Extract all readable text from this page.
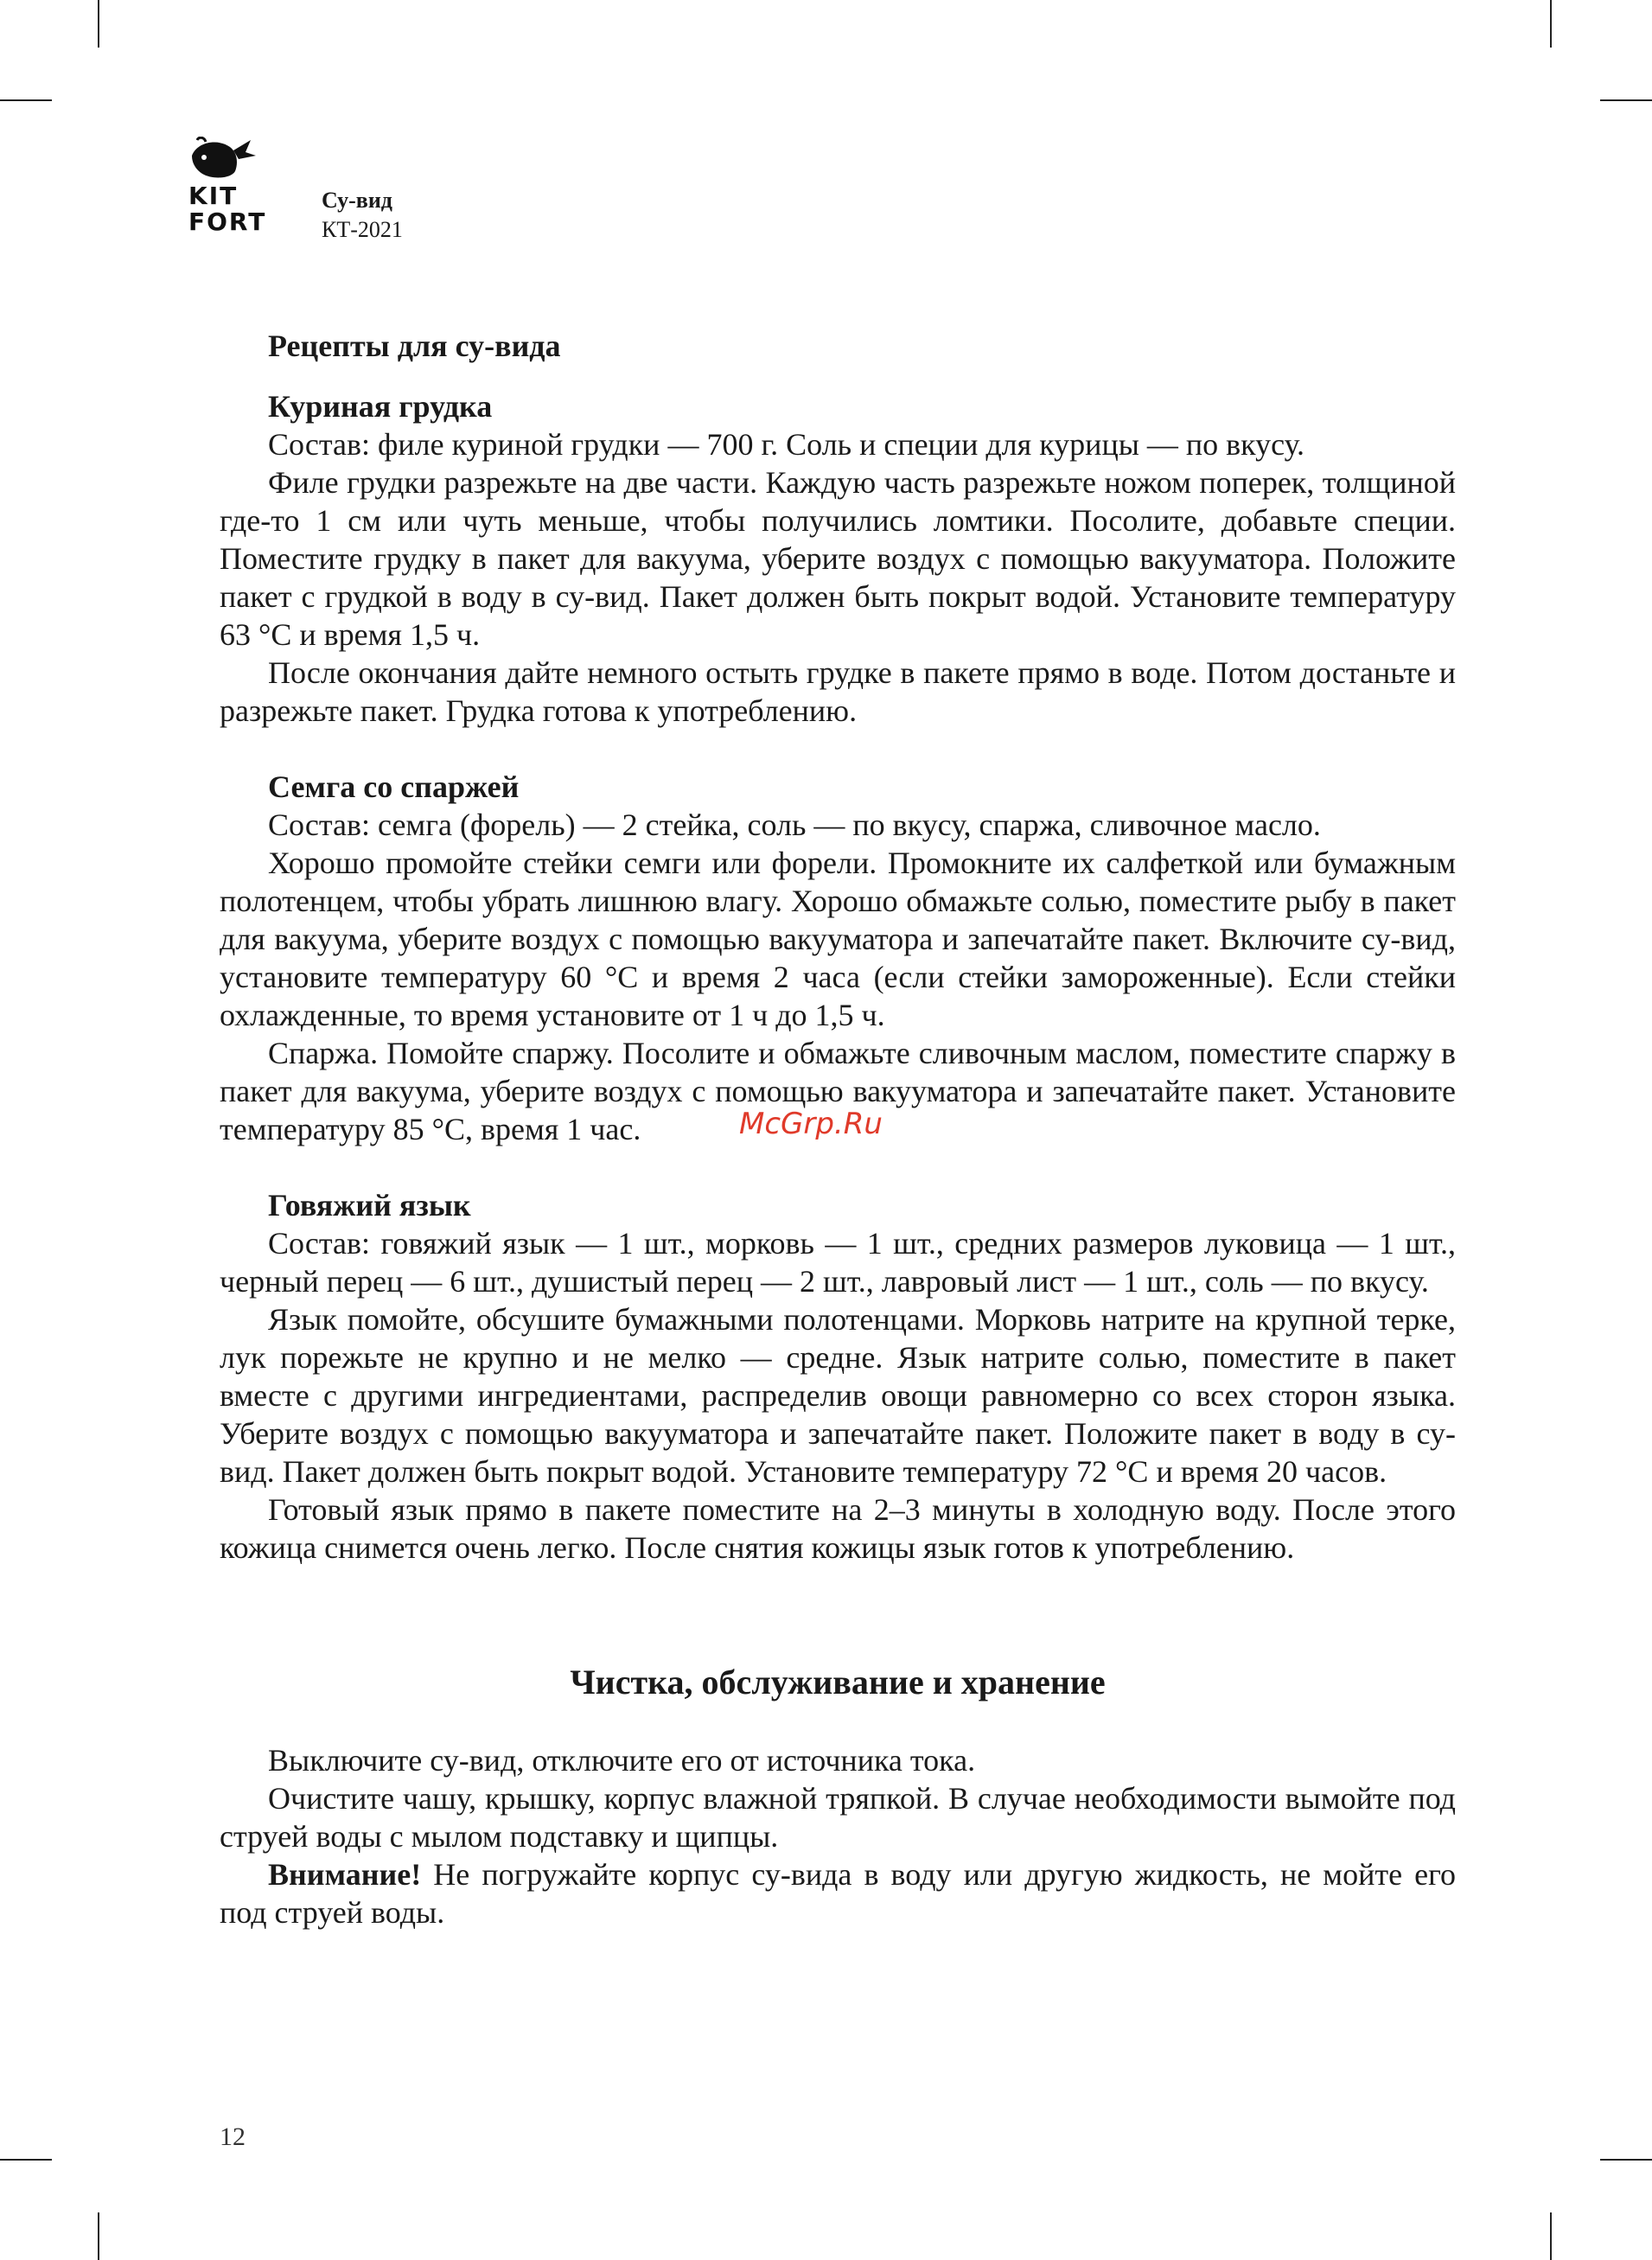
KIT
FORT
Су-вид
КТ-2021

Рецепты для су-вида

Куриная грудка

Состав: филе куриной грудки — 700 г. Соль и специи для курицы — по вкусу.

Филе грудки разрежьте на две части. Каждую часть разрежьте ножом поперек, толщиной где-то 1 см или чуть меньше, чтобы получились ломтики. Посолите, добавьте специи. Поместите грудку в пакет для вакуума, уберите воздух с помощью вакууматора. Положите пакет с грудкой в воду в су-вид. Пакет должен быть покрыт водой. Установите температуру 63 °С и время 1,5 ч.

После окончания дайте немного остыть грудке в пакете прямо в воде. Потом достаньте и разрежьте пакет. Грудка готова к употреблению.

Семга со спаржей

Состав: семга (форель) — 2 стейка, соль — по вкусу, спаржа, сливочное масло.

Хорошо промойте стейки семги или форели. Промокните их салфеткой или бумажным полотенцем, чтобы убрать лишнюю влагу. Хорошо обмажьте солью, поместите рыбу в пакет для вакуума, уберите воздух с помощью вакууматора и запечатайте пакет. Включите су-вид, установите температуру 60 °С и время 2 часа (если стейки замороженные). Если стейки охлажденные, то время установите от 1 ч до 1,5 ч.

Спаржа. Помойте спаржу. Посолите и обмажьте сливочным маслом, поместите спаржу в пакет для вакуума, уберите воздух с помощью вакууматора и запечатайте пакет. Установите температуру 85 °С, время 1 час.

Говяжий язык

Состав: говяжий язык — 1 шт., морковь — 1 шт., средних размеров луковица — 1 шт., черный перец — 6 шт., душистый перец — 2 шт., лавровый лист — 1 шт., соль — по вкусу.

Язык помойте, обсушите бумажными полотенцами. Морковь натрите на крупной терке, лук порежьте не крупно и не мелко — средне. Язык натрите солью, поместите в пакет вместе с другими ингредиентами, распределив овощи равномерно со всех сторон языка. Уберите воздух с помощью вакууматора и запечатайте пакет. Положите пакет в воду в су-вид. Пакет должен быть покрыт водой. Установите температуру 72 °С и время 20 часов.

Готовый язык прямо в пакете поместите на 2–3 минуты в холодную воду. После этого кожица снимется очень легко. После снятия кожицы язык готов к употреблению.

Чистка, обслуживание и хранение

Выключите су-вид, отключите его от источника тока.

Очистите чашу, крышку, корпус влажной тряпкой. В случае необходимости вымойте под струей воды с мылом подставку и щипцы.

Внимание! Не погружайте корпус су-вида в воду или другую жидкость, не мойте его под струей воды.

McGrp.Ru
12
